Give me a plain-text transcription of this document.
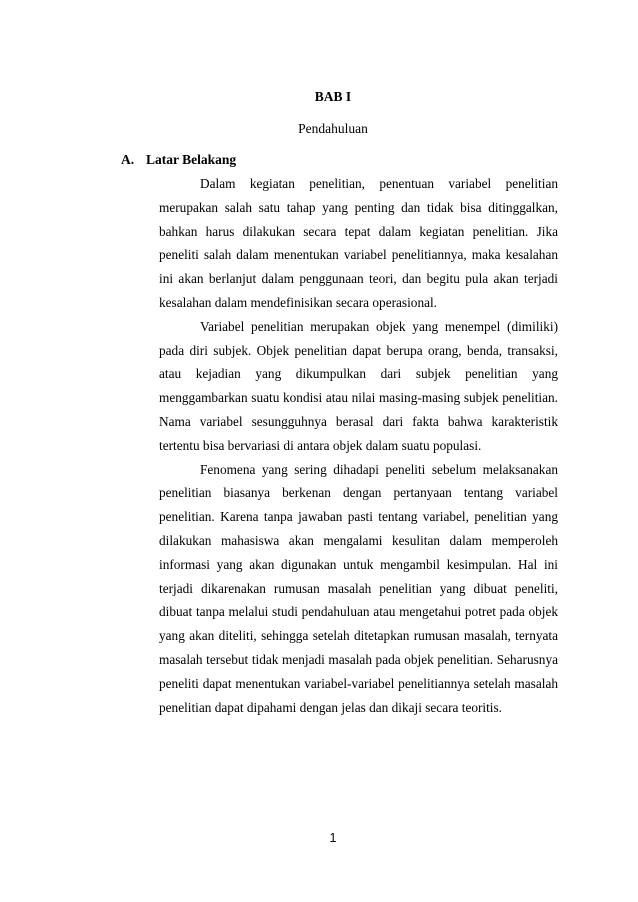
BAB I
Pendahuluan
A. Latar Belakang

Dalam kegiatan penelitian, penentuan variabel penelitian merupakan salah satu tahap yang penting dan tidak bisa ditinggalkan, bahkan harus dilakukan secara tepat dalam kegiatan penelitian. Jika peneliti salah dalam menentukan variabel penelitiannya, maka kesalahan ini akan berlanjut dalam penggunaan teori, dan begitu pula akan terjadi kesalahan dalam mendefinisikan secara operasional.

Variabel penelitian merupakan objek yang menempel (dimiliki) pada diri subjek. Objek penelitian dapat berupa orang, benda, transaksi, atau kejadian yang dikumpulkan dari subjek penelitian yang menggambarkan suatu kondisi atau nilai masing-masing subjek penelitian. Nama variabel sesungguhnya berasal dari fakta bahwa karakteristik tertentu bisa bervariasi di antara objek dalam suatu populasi.

Fenomena yang sering dihadapi peneliti sebelum melaksanakan penelitian biasanya berkenan dengan pertanyaan tentang variabel penelitian. Karena tanpa jawaban pasti tentang variabel, penelitian yang dilakukan mahasiswa akan mengalami kesulitan dalam memperoleh informasi yang akan digunakan untuk mengambil kesimpulan. Hal ini terjadi dikarenakan rumusan masalah penelitian yang dibuat peneliti, dibuat tanpa melalui studi pendahuluan atau mengetahui potret pada objek yang akan diteliti, sehingga setelah ditetapkan rumusan masalah, ternyata masalah tersebut tidak menjadi masalah pada objek penelitian. Seharusnya peneliti dapat menentukan variabel-variabel penelitiannya setelah masalah penelitian dapat dipahami dengan jelas dan dikaji secara teoritis.

1
